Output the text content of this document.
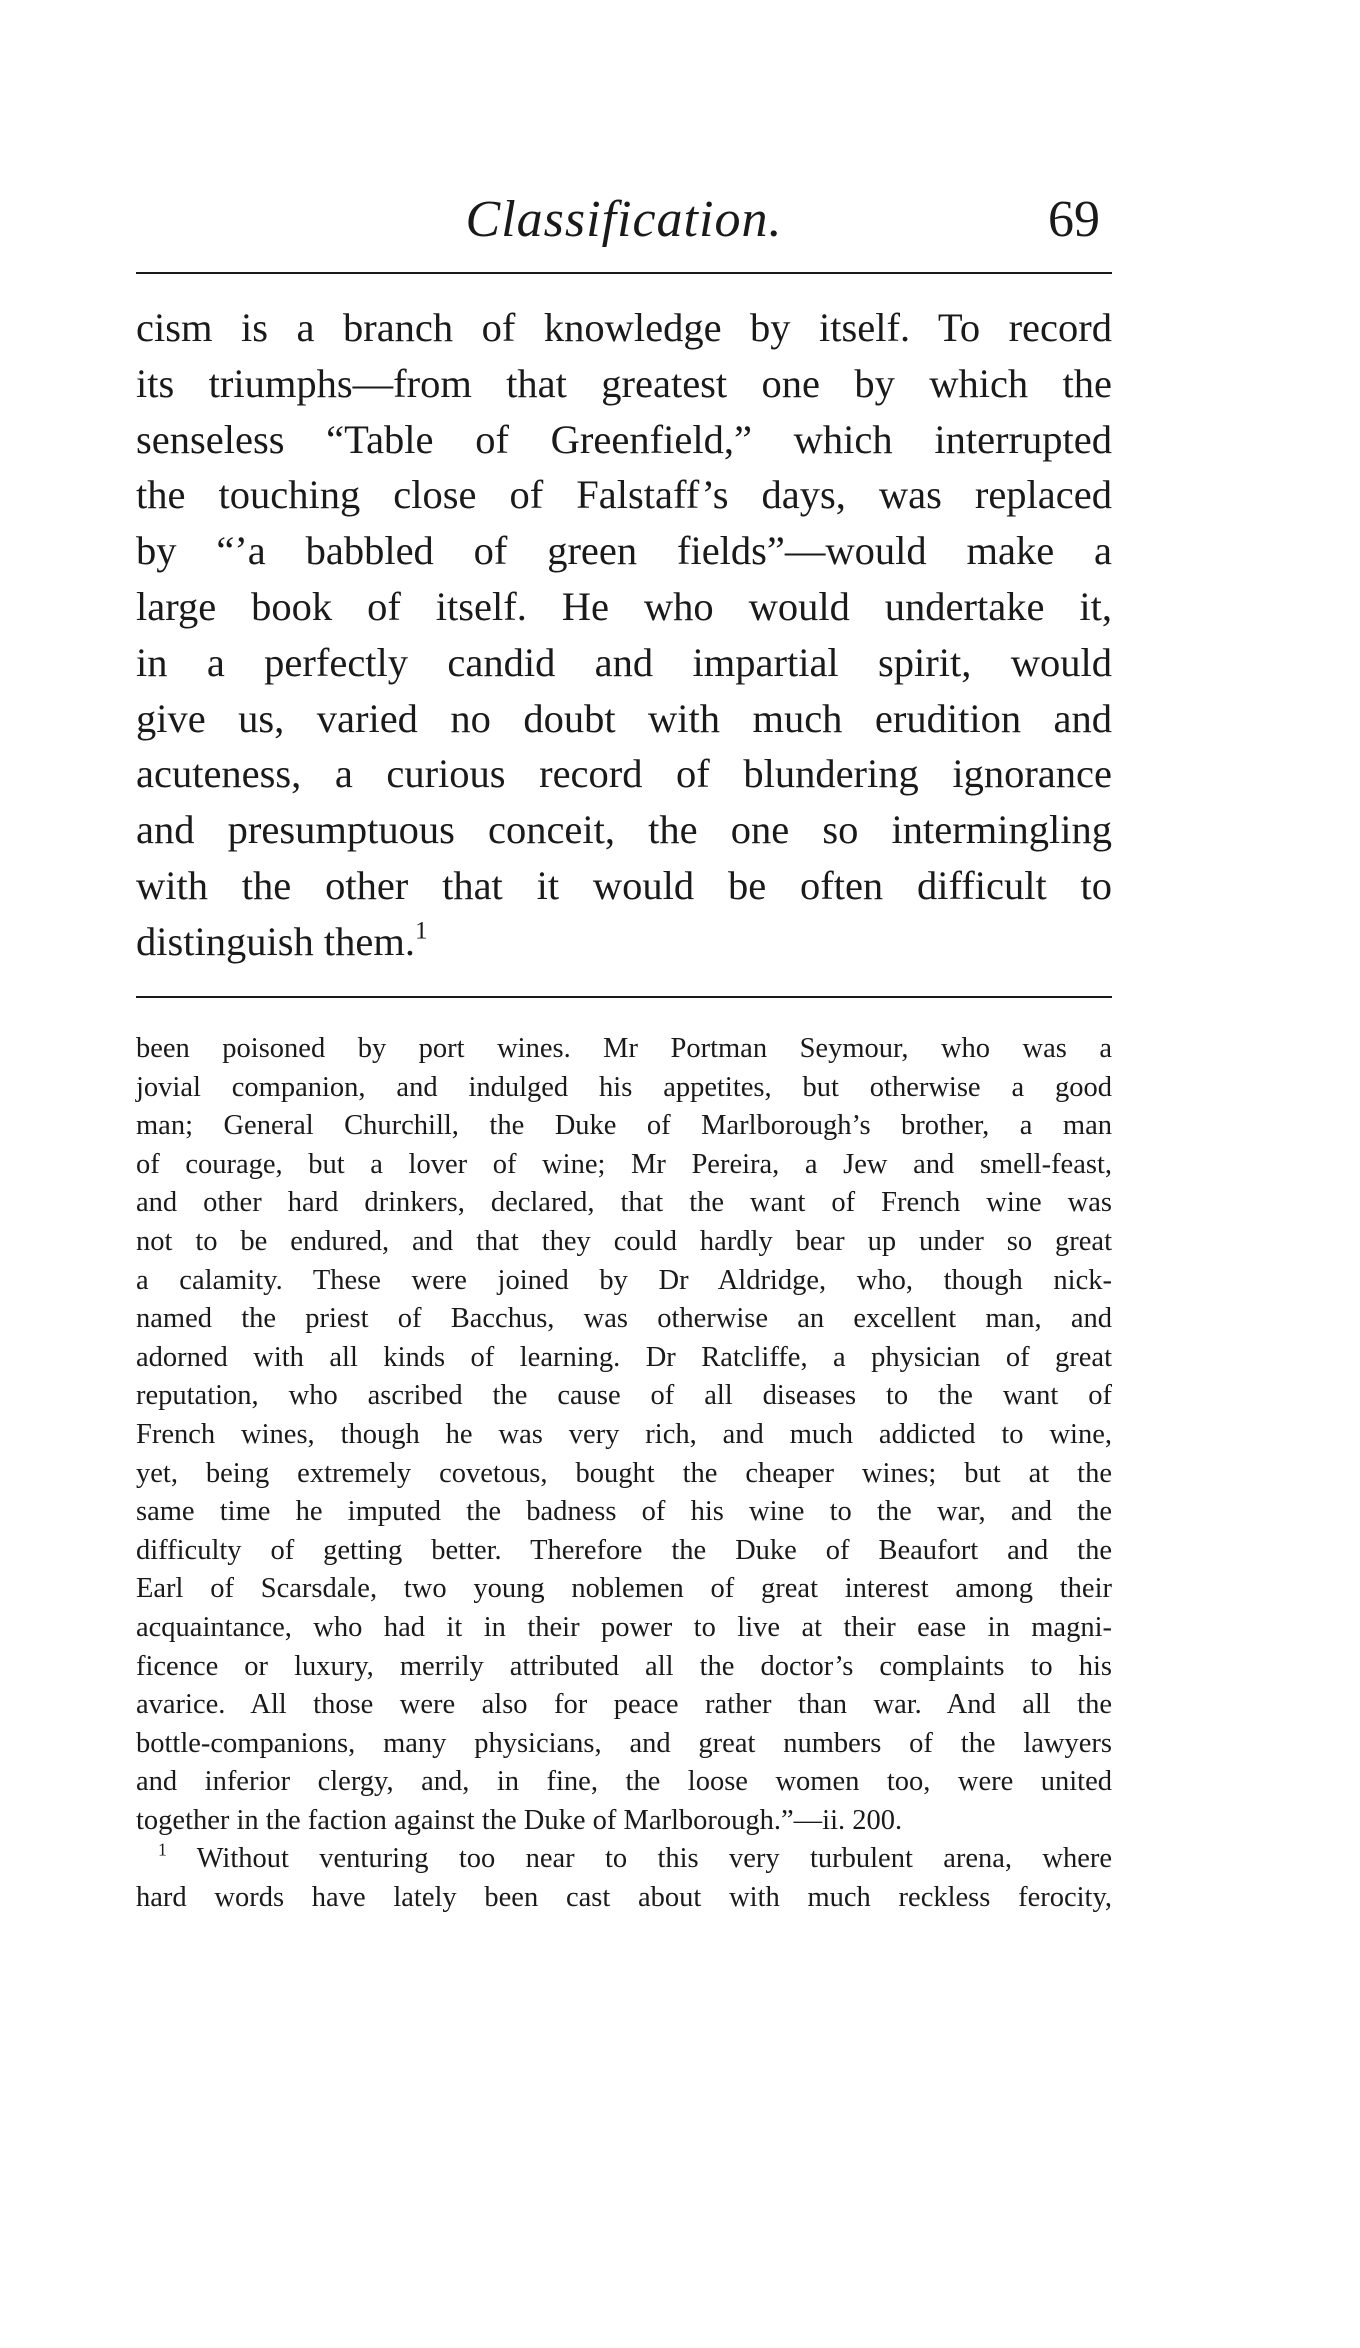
Classification.	69
cism is a branch of knowledge by itself. To record
its triumphs—from that greatest one by which the
senseless “Table of Greenfield,” which interrupted
the touching close of Falstaff’s days, was replaced
by “’a babbled of green fields”—would make a
large book of itself. He who would undertake it,
in a perfectly candid and impartial spirit, would
give us, varied no doubt with much erudition and
acuteness, a curious record of blundering ignorance
and presumptuous conceit, the one so intermingling
with the other that it would be often difficult to
distinguish them.$^1$
been poisoned by port wines. Mr Portman Seymour, who was a
jovial companion, and indulged his appetites, but otherwise a good
man; General Churchill, the Duke of Marlborough’s brother, a man
of courage, but a lover of wine; Mr Pereira, a Jew and smell-feast,
and other hard drinkers, declared, that the want of French wine was
not to be endured, and that they could hardly bear up under so great
a calamity. These were joined by Dr Aldridge, who, though nick-
named the priest of Bacchus, was otherwise an excellent man, and
adorned with all kinds of learning. Dr Ratcliffe, a physician of great
reputation, who ascribed the cause of all diseases to the want of
French wines, though he was very rich, and much addicted to wine,
yet, being extremely covetous, bought the cheaper wines; but at the
same time he imputed the badness of his wine to the war, and the
difficulty of getting better. Therefore the Duke of Beaufort and the
Earl of Scarsdale, two young noblemen of great interest among their
acquaintance, who had it in their power to live at their ease in magni-
ficence or luxury, merrily attributed all the doctor’s complaints to his
avarice. All those were also for peace rather than war. And all the
bottle-companions, many physicians, and great numbers of the lawyers
and inferior clergy, and, in fine, the loose women too, were united
together in the faction against the Duke of Marlborough.”—ii. 200.
$^1$ Without venturing too near to this very turbulent arena, where
hard words have lately been cast about with much reckless ferocity,
